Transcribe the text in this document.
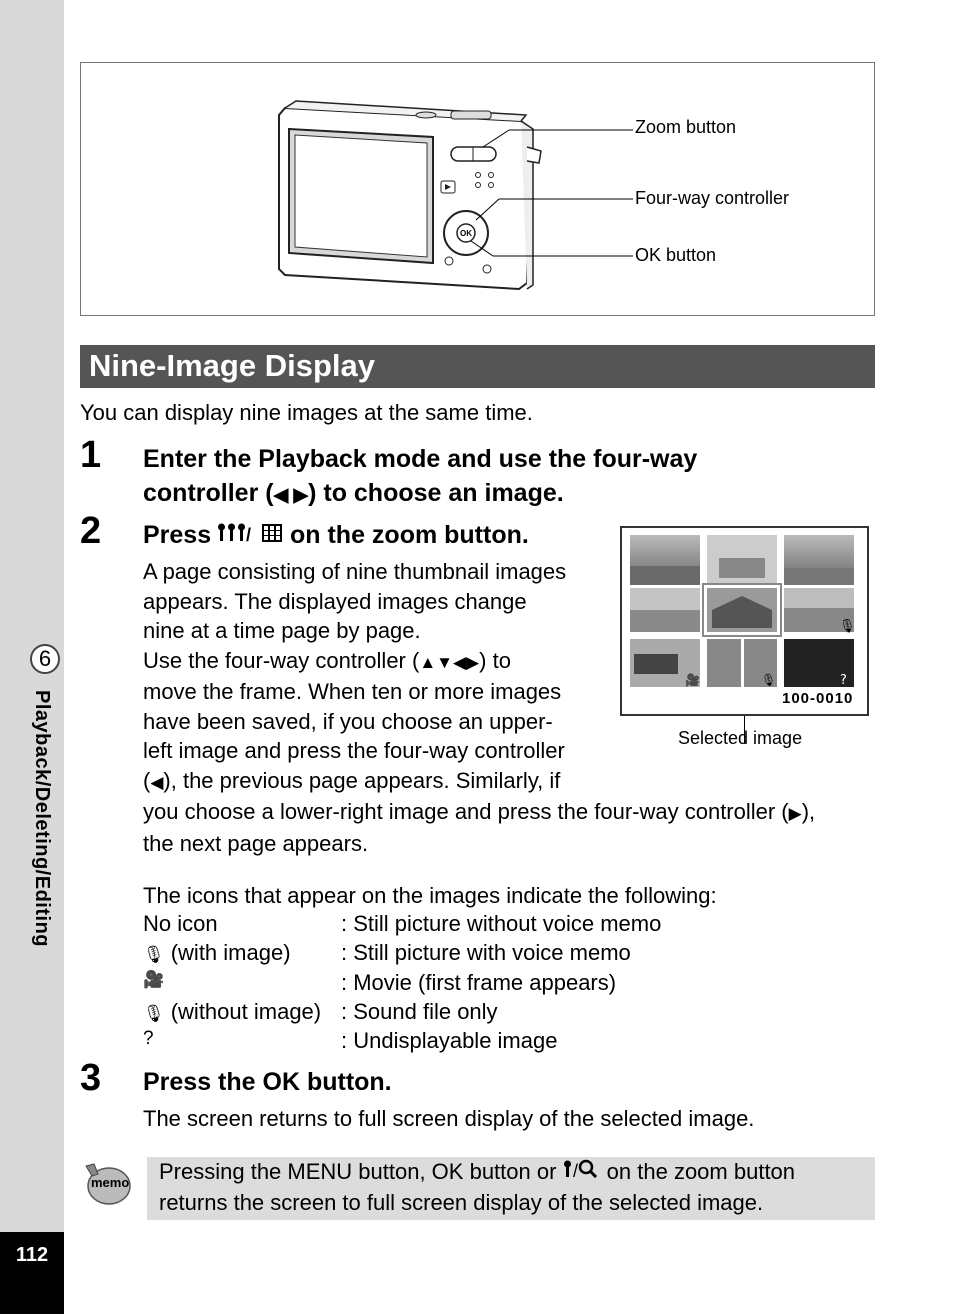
6
Playback/Deleting/Editing
112
OK
Zoom button
Four-way controller
OK button
Nine-Image Display
You can display nine images at the same time.
1 Enter the Playback mode and use the four-way
controller (◀ ▶) to choose an image.
2 Press / on the zoom button.
A page consisting of nine thumbnail images
appears. The displayed images change
nine at a time page by page.
Use the four-way controller (▲▼◀▶) to
move the frame. When ten or more images
have been saved, if you choose an upper-
left image and press the four-way controller
(◀), the previous page appears. Similarly, if
you choose a lower-right image and press the four-way controller (▶),
the next page appears.
🎙
🎥	🎙	?
100-0010
Selected image
The icons that appear on the images indicate the following:
No icon	: Still picture without voice memo
🎙 (with image) : Still picture with voice memo
🎥	: Movie (first frame appears)
🎙 (without image) : Sound file only
?	: Undisplayable image
3 Press the OK button.
The screen returns to full screen display of the selected image.
memo Pressing the MENU button, OK button or / on the zoom button
returns the screen to full screen display of the selected image.
